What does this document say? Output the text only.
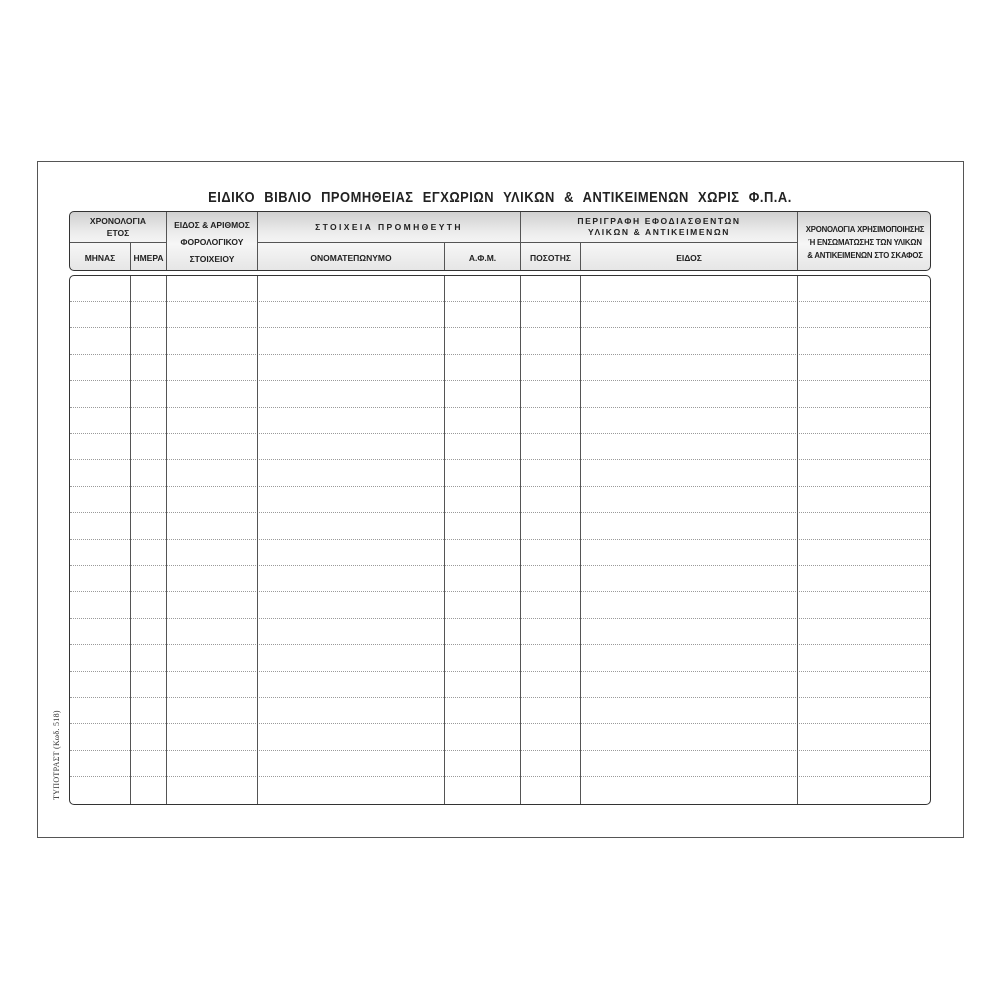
ΕΙΔΙΚΟ ΒΙΒΛΙΟ ΠΡΟΜΗΘΕΙΑΣ ΕΓΧΩΡΙΩΝ ΥΛΙΚΩΝ & ΑΝΤΙΚΕΙΜΕΝΩΝ ΧΩΡΙΣ Φ.Π.Α.
ΧΡΟΝΟΛΟΓΙΑ
ΕΤΟΣ
ΜΗΝΑΣ	ΗΜΕΡΑ
ΕΙΔΟΣ & ΑΡΙΘΜΟΣ
ΦΟΡΟΛΟΓΙΚΟΥ
ΣΤΟΙΧΕΙΟΥ
ΣΤΟΙΧΕΙΑ ΠΡΟΜΗΘΕΥΤΗ
ΟΝΟΜΑΤΕΠΩΝΥΜΟ	Α.Φ.Μ.
ΠΕΡΙΓΡΑΦΗ ΕΦΟΔΙΑΣΘΕΝΤΩΝ
ΥΛΙΚΩΝ & ΑΝΤΙΚΕΙΜΕΝΩΝ
ΠΟΣΟΤΗΣ	ΕΙΔΟΣ
ΧΡΟΝΟΛΟΓΙΑ ΧΡΗΣΙΜΟΠΟΙΗΣΗΣ
Ή ΕΝΣΩΜΑΤΩΣΗΣ ΤΩΝ ΥΛΙΚΩΝ
& ΑΝΤΙΚΕΙΜΕΝΩΝ ΣΤΟ ΣΚΑΦΟΣ
ΤΥΠΟΤΡΑΣΤ (Κωδ. 518)
